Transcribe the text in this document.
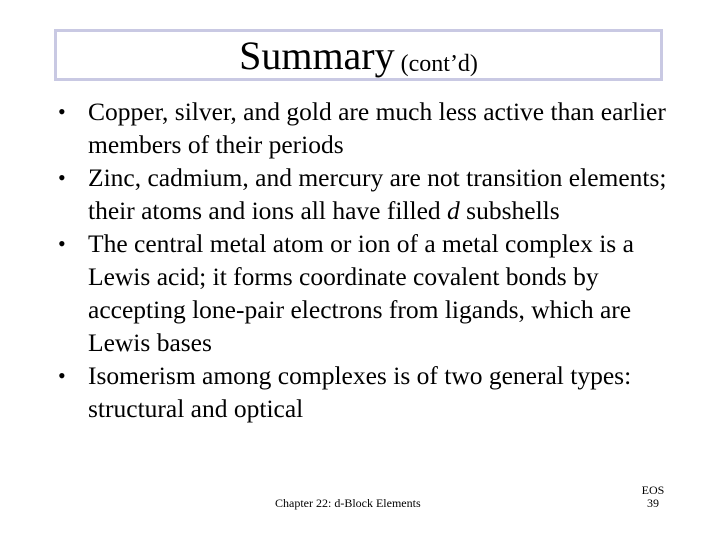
Summary (cont’d)
• Copper, silver, and gold are much less active than earlier members of their periods
• Zinc, cadmium, and mercury are not transition elements; their atoms and ions all have filled d subshells
• The central metal atom or ion of a metal complex is a Lewis acid; it forms coordinate covalent bonds by accepting lone-pair electrons from ligands, which are Lewis bases
• Isomerism among complexes is of two general types: structural and optical
Chapter 22: d-Block Elements
EOS
39
